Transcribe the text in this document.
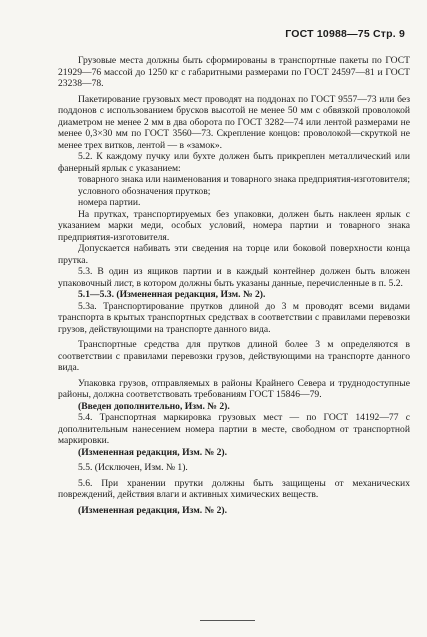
ГОСТ 10988—75 Стр. 9

Грузовые места должны быть сформированы в транспортные пакеты по ГОСТ 21929—76 массой до 1250 кг с габаритными размерами по ГОСТ 24597—81 и ГОСТ 23238—78.

Пакетирование грузовых мест проводят на поддонах по ГОСТ 9557—73 или без поддонов с использованием брусков высотой не менее 50 мм с обвязкой проволокой диаметром не менее 2 мм в два оборота по ГОСТ 3282—74 или лентой размерами не менее 0,3×30 мм по ГОСТ 3560—73. Скрепление концов: проволокой—скруткой не менее трех витков, лентой — в «замок».

5.2. К каждому пучку или бухте должен быть прикреплен металлический или фанерный ярлык с указанием:

товарного знака или наименования и товарного знака предприятия-изготовителя;

условного обозначения прутков;

номера партии.

На прутках, транспортируемых без упаковки, должен быть наклеен ярлык с указанием марки меди, особых условий, номера партии и товарного знака предприятия-изготовителя.

Допускается набивать эти сведения на торце или боковой поверхности конца прутка.

5.3. В один из ящиков партии и в каждый контейнер должен быть вложен упаковочный лист, в котором должны быть указаны данные, перечисленные в п. 5.2.

5.1—5.3. (Измененная редакция, Изм. № 2).

5.3а. Транспортирование прутков длиной до 3 м проводят всеми видами транспорта в крытых транспортных средствах в соответствии с правилами перевозки грузов, действующими на транспорте данного вида.

Транспортные средства для прутков длиной более 3 м определяются в соответствии с правилами перевозки грузов, действующими на транспорте данного вида.

Упаковка грузов, отправляемых в районы Крайнего Севера и труднодоступные районы, должна соответствовать требованиям ГОСТ 15846—79.

(Введен дополнительно, Изм. № 2).

5.4. Транспортная маркировка грузовых мест — по ГОСТ 14192—77 с дополнительным нанесением номера партии в месте, свободном от транспортной маркировки.

(Измененная редакция, Изм. № 2).

5.5. (Исключен, Изм. № 1).

5.6. При хранении прутки должны быть защищены от механических повреждений, действия влаги и активных химических веществ.

(Измененная редакция, Изм. № 2).
